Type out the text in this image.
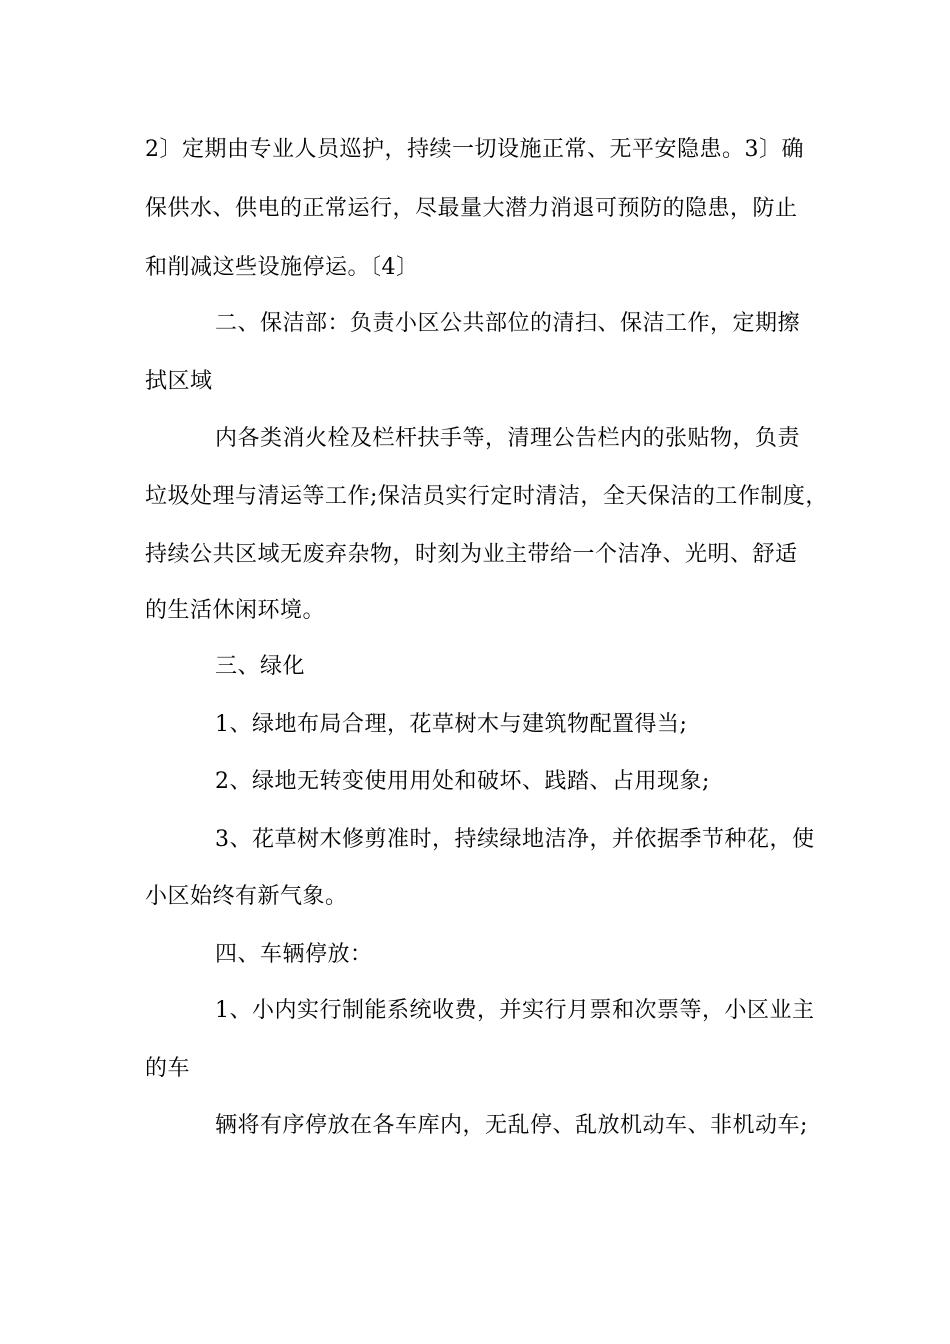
2〕定期由专业人员巡护，持续一切设施正常、无平安隐患。3〕确
保供水、供电的正常运行，尽最量大潜力消退可预防的隐患，防止
和削减这些设施停运。〔4〕
二、保洁部：负责小区公共部位的清扫、保洁工作，定期擦
拭区域
内各类消火栓及栏杆扶手等，清理公告栏内的张贴物，负责
垃圾处理与清运等工作;保洁员实行定时清洁，全天保洁的工作制度，
持续公共区域无废弃杂物，时刻为业主带给一个洁净、光明、舒适
的生活休闲环境。
三、绿化
1、绿地布局合理，花草树木与建筑物配置得当;
2、绿地无转变使用用处和破坏、践踏、占用现象;
3、花草树木修剪准时，持续绿地洁净，并依据季节种花，使
小区始终有新气象。
四、车辆停放：
1、小内实行制能系统收费，并实行月票和次票等，小区业主
的车
辆将有序停放在各车库内，无乱停、乱放机动车、非机动车;
